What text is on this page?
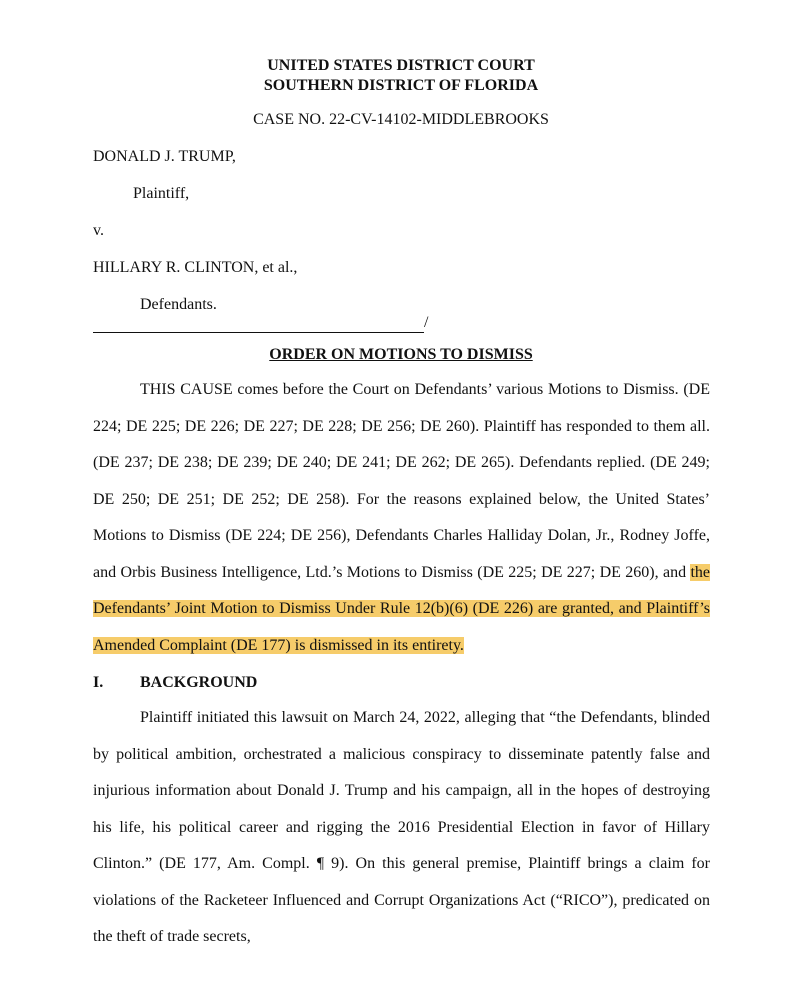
UNITED STATES DISTRICT COURT
SOUTHERN DISTRICT OF FLORIDA
CASE NO. 22-CV-14102-MIDDLEBROOKS
DONALD J. TRUMP,
Plaintiff,
v.
HILLARY R. CLINTON, et al.,
Defendants.
/
ORDER ON MOTIONS TO DISMISS
THIS CAUSE comes before the Court on Defendants’ various Motions to Dismiss. (DE 224; DE 225; DE 226; DE 227; DE 228; DE 256; DE 260). Plaintiff has responded to them all. (DE 237; DE 238; DE 239; DE 240; DE 241; DE 262; DE 265). Defendants replied. (DE 249; DE 250; DE 251; DE 252; DE 258). For the reasons explained below, the United States’ Motions to Dismiss (DE 224; DE 256), Defendants Charles Halliday Dolan, Jr., Rodney Joffe, and Orbis Business Intelligence, Ltd.’s Motions to Dismiss (DE 225; DE 227; DE 260), and the Defendants’ Joint Motion to Dismiss Under Rule 12(b)(6) (DE 226) are granted, and Plaintiff’s Amended Complaint (DE 177) is dismissed in its entirety.
I. BACKGROUND
Plaintiff initiated this lawsuit on March 24, 2022, alleging that “the Defendants, blinded by political ambition, orchestrated a malicious conspiracy to disseminate patently false and injurious information about Donald J. Trump and his campaign, all in the hopes of destroying his life, his political career and rigging the 2016 Presidential Election in favor of Hillary Clinton.” (DE 177, Am. Compl. ¶ 9). On this general premise, Plaintiff brings a claim for violations of the Racketeer Influenced and Corrupt Organizations Act (“RICO”), predicated on the theft of trade secrets,
